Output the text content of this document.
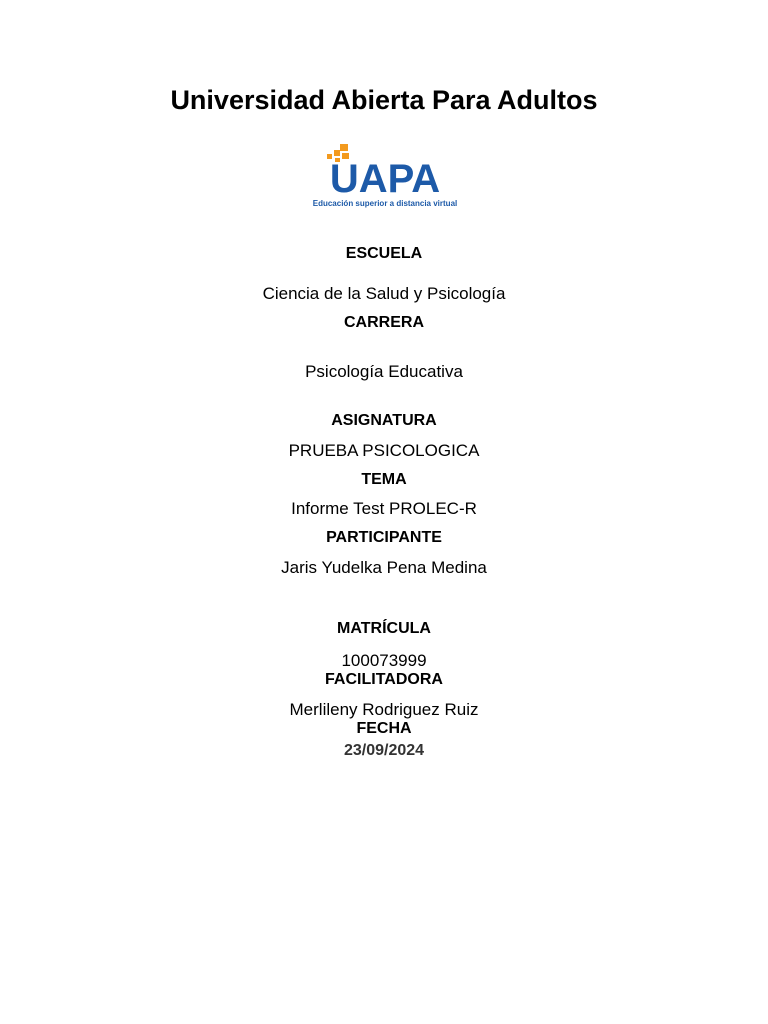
Universidad Abierta Para Adultos
UAPA
Educación superior a distancia virtual
ESCUELA
Ciencia de la Salud y Psicología
CARRERA
Psicología Educativa
ASIGNATURA
PRUEBA PSICOLOGICA
TEMA
Informe Test PROLEC-R
PARTICIPANTE
Jaris Yudelka Pena Medina
MATRÍCULA
100073999
FACILITADORA
Merlileny Rodriguez Ruiz
FECHA
23/09/2024
